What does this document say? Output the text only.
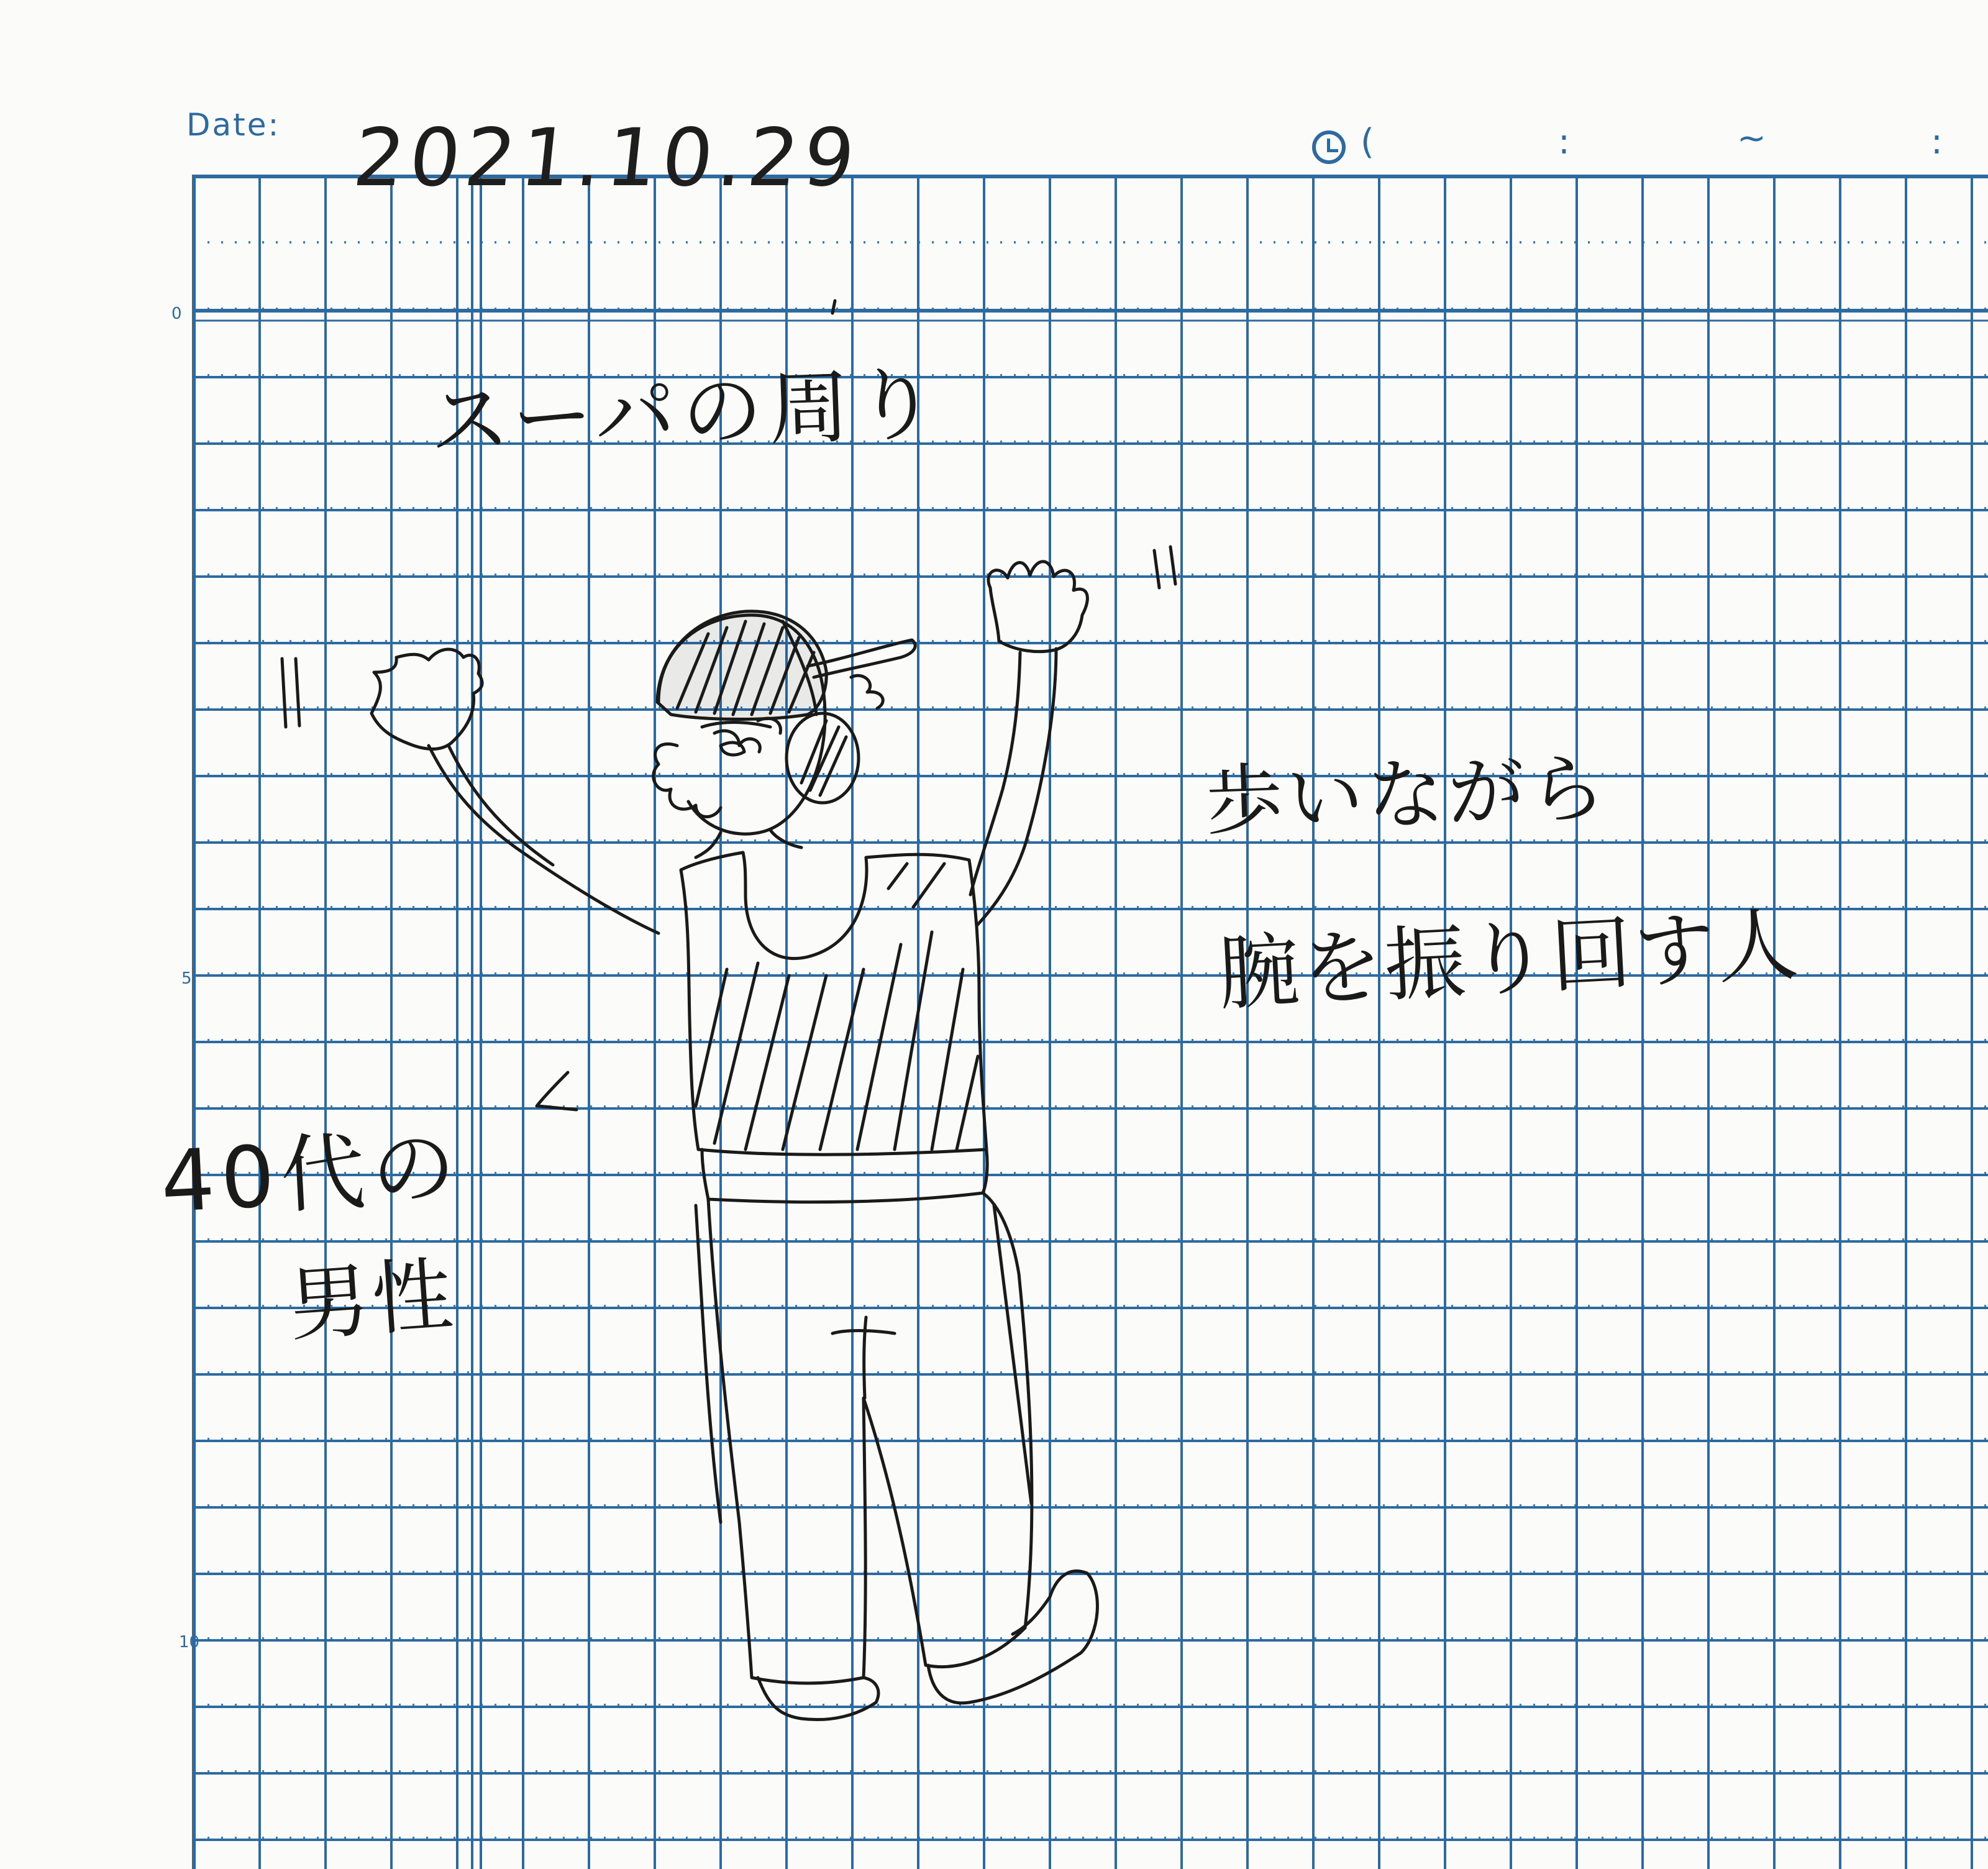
Date: 2021.10.29	(	:	~	:
0
5
10
スーパの周り
歩いながら
腕を振り回す人
40代の
男性
